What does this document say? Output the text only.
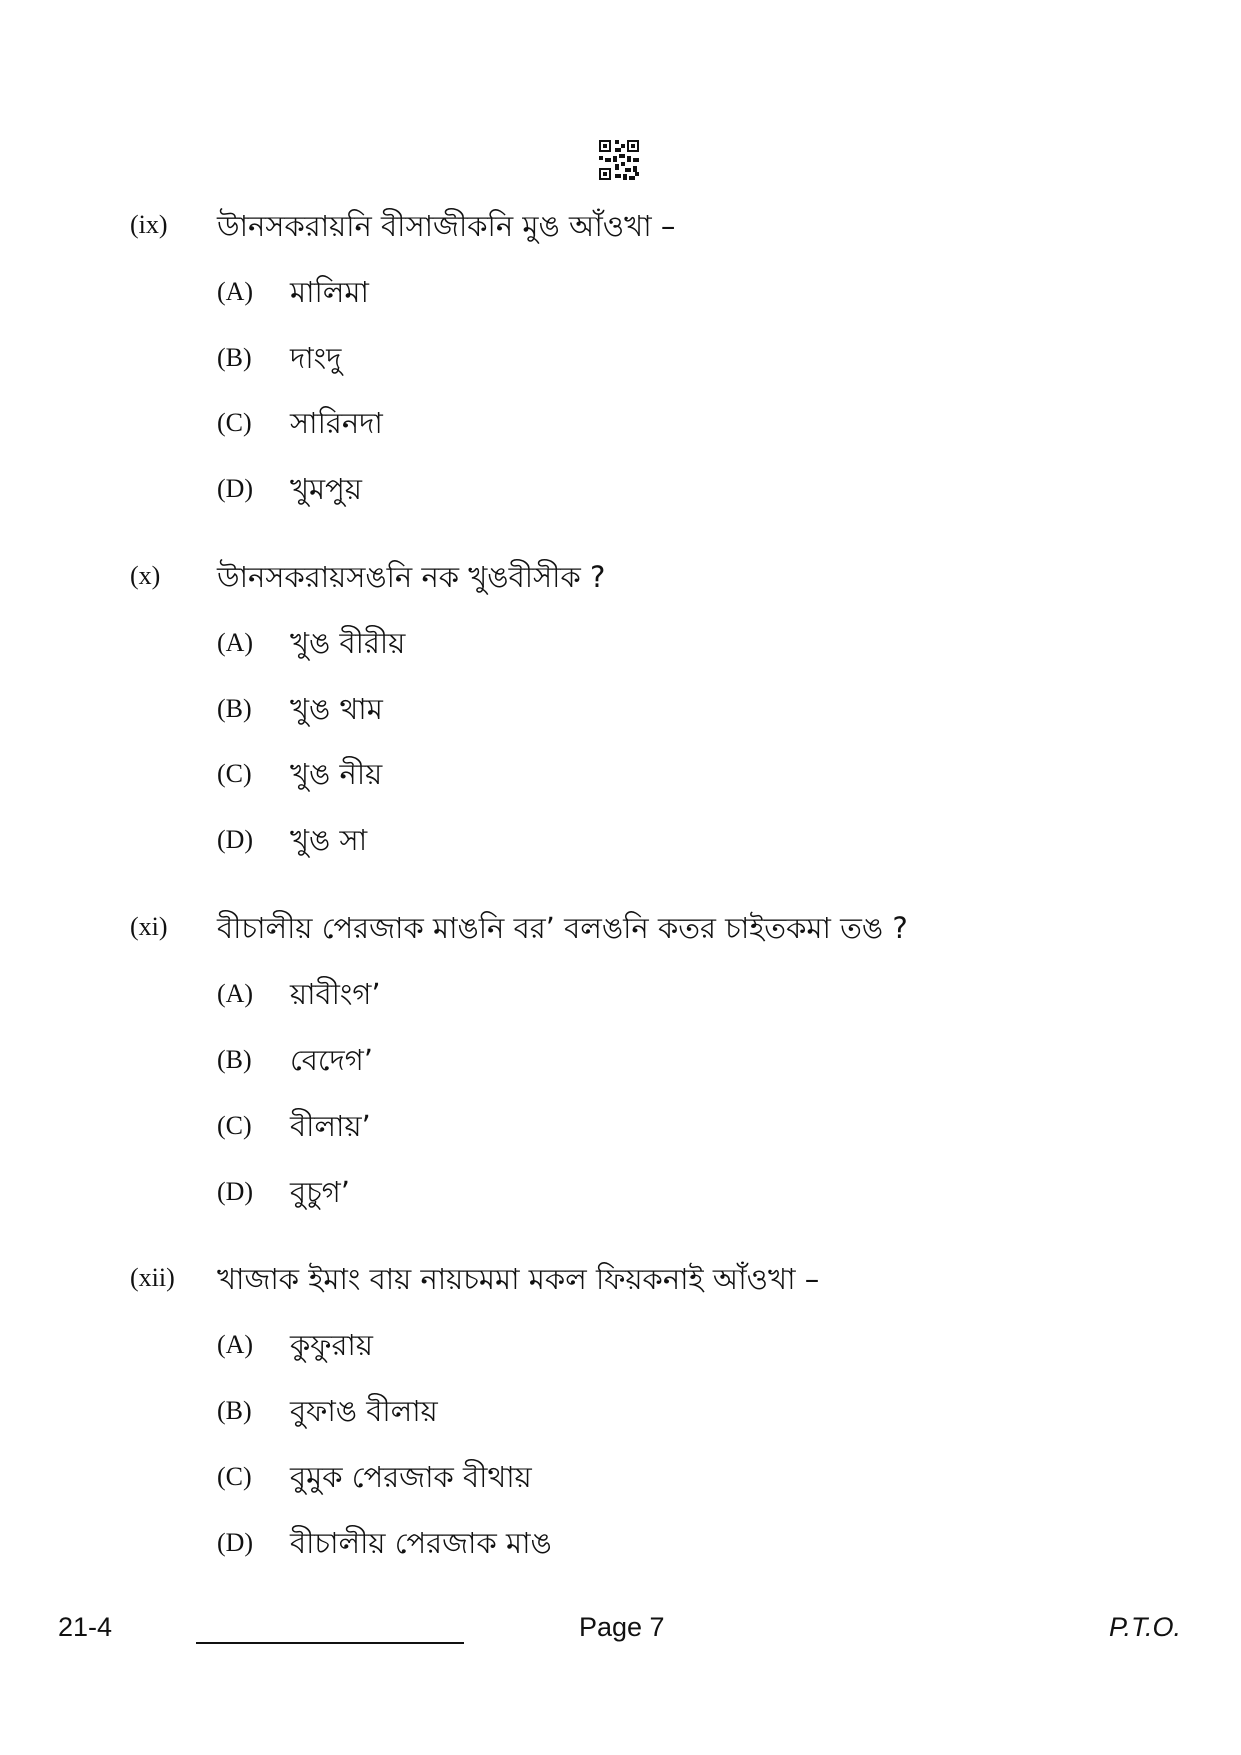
(ix)	উানসকরায়নি বীসাজীকনি মুঙ আঁওখা –
(A)	মালিমা
(B)	দাংদু
(C)	সারিনদা
(D)	খুমপুয়
(x)	উানসকরায়সঙনি নক খুঙবীসীক ?
(A)	খুঙ বীরীয়
(B)	খুঙ থাম
(C)	খুঙ নীয়
(D)	খুঙ সা
(xi)	বীচালীয় পেরজাক মাঙনি বর’ বলঙনি কতর চাইতকমা তঙ ?
(A)	য়াবীংগ’
(B)	বেদেগ’
(C)	বীলায়’
(D)	বুচুগ’
(xii)	খাজাক ইমাং বায় নায়চমমা মকল ফিয়কনাই আঁওখা –
(A)	কুফুরায়
(B)	বুফাঙ বীলায়
(C)	বুমুক পেরজাক বীথায়
(D)	বীচালীয় পেরজাক মাঙ
21-4	Page 7	P.T.O.
